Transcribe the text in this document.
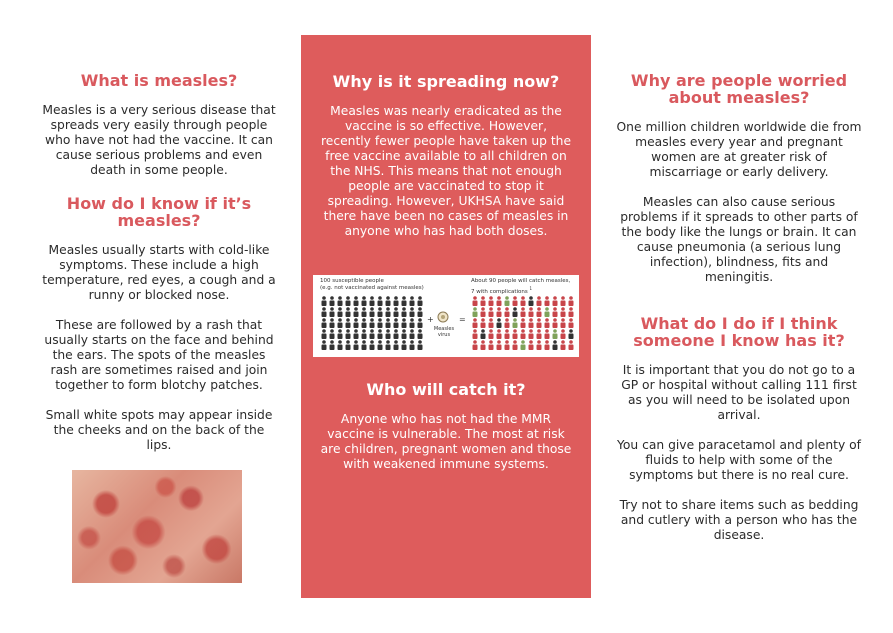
What is measles?

Measles is a very serious disease that spreads very easily through people who have not had the vaccine. It can cause serious problems and even death in some people.

How do I know if it’s measles?

Measles usually starts with cold-like symptoms. These include a high temperature, red eyes, a cough and a runny or blocked nose.

These are followed by a rash that usually starts on the face and behind the ears. The spots of the measles rash are sometimes raised and join together to form blotchy patches.

Small white spots may appear inside the cheeks and on the back of the lips.

Why is it spreading now?

Measles was nearly eradicated as the vaccine is so effective. However, recently fewer people have taken up the free vaccine available to all children on the NHS. This means that not enough people are vaccinated to stop it spreading. However, UKHSA have said there have been no cases of measles in anyone who has had both doses.

100 susceptible people
(e.g. not vaccinated against measles)
About 90 people will catch measles,
7 with complications $^1$
+
Measles virus
=
Who will catch it?

Anyone who has not had the MMR vaccine is vulnerable. The most at risk are children, pregnant women and those with weakened immune systems.

Why are people worried about measles?

One million children worldwide die from measles every year and pregnant women are at greater risk of miscarriage or early delivery.

Measles can also cause serious problems if it spreads to other parts of the body like the lungs or brain. It can cause pneumonia (a serious lung infection), blindness, fits and meningitis.

What do I do if I think someone I know has it?

It is important that you do not go to a GP or hospital without calling 111 first as you will need to be isolated upon arrival.

You can give paracetamol and plenty of fluids to help with some of the symptoms but there is no real cure.

Try not to share items such as bedding and cutlery with a person who has the disease.
